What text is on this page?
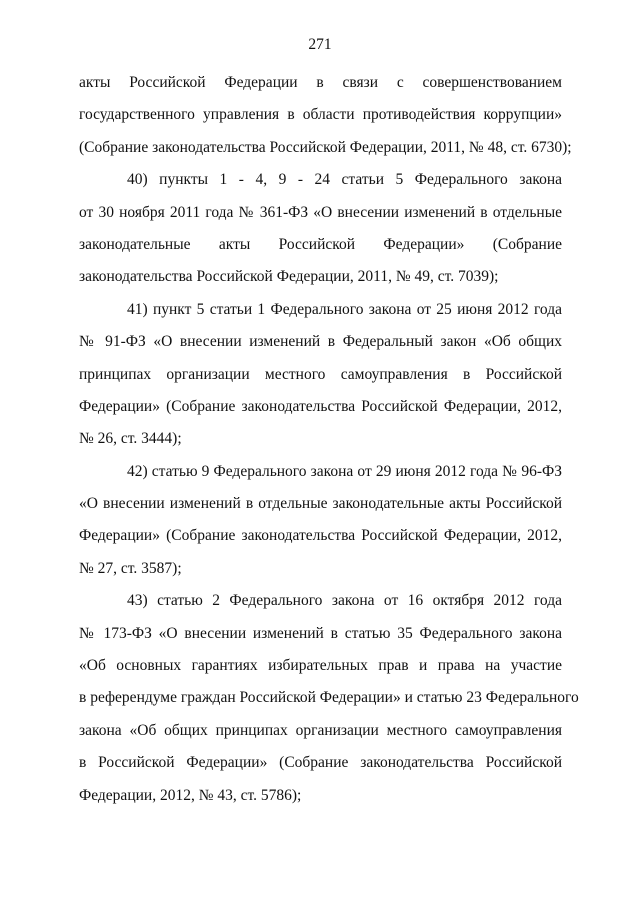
271
акты Российской Федерации в связи с совершенствованием
государственного управления в области противодействия коррупции»
(Собрание законодательства Российской Федерации, 2011, № 48, ст. 6730);
40) пункты 1 - 4, 9 - 24 статьи 5 Федерального закона
от 30 ноября 2011 года № 361-ФЗ «О внесении изменений в отдельные
законодательные акты Российской Федерации» (Собрание
законодательства Российской Федерации, 2011, № 49, ст. 7039);
41) пункт 5 статьи 1 Федерального закона от 25 июня 2012 года
№ 91-ФЗ «О внесении изменений в Федеральный закон «Об общих
принципах организации местного самоуправления в Российской
Федерации» (Собрание законодательства Российской Федерации, 2012,
№ 26, ст. 3444);
42) статью 9 Федерального закона от 29 июня 2012 года № 96-ФЗ
«О внесении изменений в отдельные законодательные акты Российской
Федерации» (Собрание законодательства Российской Федерации, 2012,
№ 27, ст. 3587);
43) статью 2 Федерального закона от 16 октября 2012 года
№ 173-ФЗ «О внесении изменений в статью 35 Федерального закона
«Об основных гарантиях избирательных прав и права на участие
в референдуме граждан Российской Федерации» и статью 23 Федерального
закона «Об общих принципах организации местного самоуправления
в Российской Федерации» (Собрание законодательства Российской
Федерации, 2012, № 43, ст. 5786);
